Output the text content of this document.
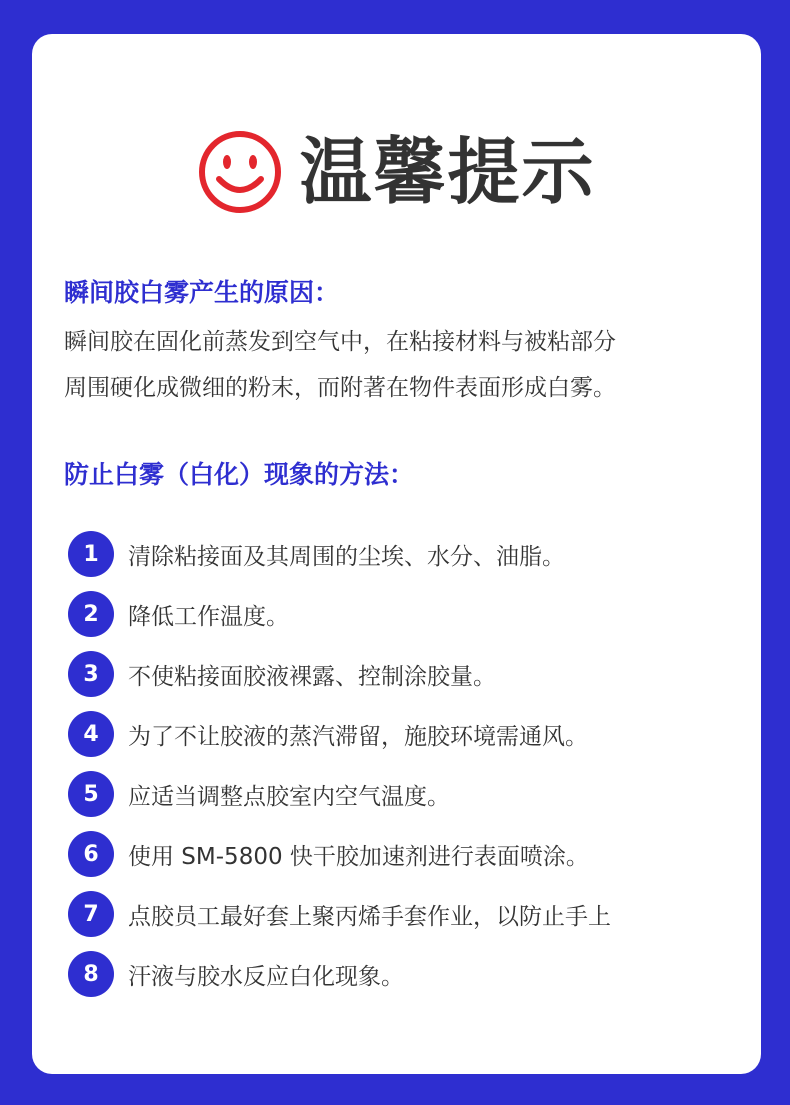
温馨提示
瞬间胶白雾产生的原因：
瞬间胶在固化前蒸发到空气中，在粘接材料与被粘部分
周围硬化成微细的粉末，而附著在物件表面形成白雾。
防止白雾（白化）现象的方法：
1	清除粘接面及其周围的尘埃、水分、油脂。
2	降低工作温度。
3	不使粘接面胶液裸露、控制涂胶量。
4	为了不让胶液的蒸汽滞留，施胶环境需通风。
5	应适当调整点胶室内空气温度。
6	使用 SM-5800 快干胶加速剂进行表面喷涂。
7	点胶员工最好套上聚丙烯手套作业，以防止手上
8	汗液与胶水反应白化现象。
